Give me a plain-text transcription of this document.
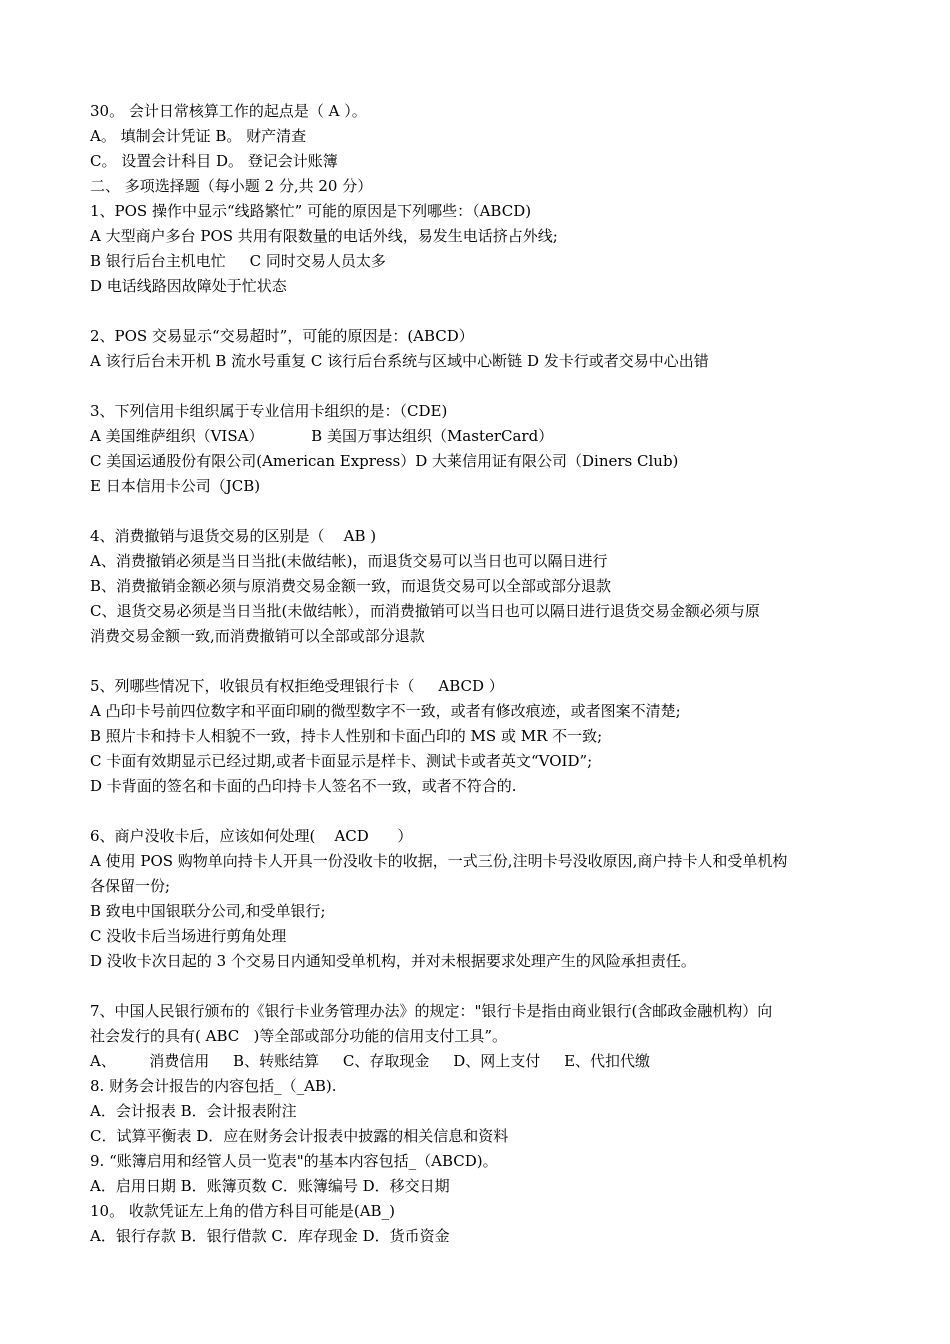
30。 会计日常核算工作的起点是（ A ）。
A。 填制会计凭证 B。 财产清查
C。 设置会计科目 D。 登记会计账簿
二、 多项选择题（每小题 2 分,共 20 分）
1、POS 操作中显示“线路繁忙” 可能的原因是下列哪些：（ABCD)
A 大型商户多台 POS 共用有限数量的电话外线，易发生电话挤占外线;
B 银行后台主机电忙     C 同时交易人员太多
D 电话线路因故障处于忙状态
2、POS 交易显示“交易超时”，可能的原因是：(ABCD）
A 该行后台未开机 B 流水号重复 C 该行后台系统与区域中心断链 D 发卡行或者交易中心出错
3、下列信用卡组织属于专业信用卡组织的是：（CDE)
A 美国维萨组织（VISA）          B 美国万事达组织（MasterCard）
C 美国运通股份有限公司(American Express）D 大莱信用证有限公司（Diners Club)
E 日本信用卡公司（JCB)
4、消费撤销与退货交易的区别是（    AB )
A、消费撤销必须是当日当批(未做结帐)，而退货交易可以当日也可以隔日进行
B、消费撤销金额必须与原消费交易金额一致，而退货交易可以全部或部分退款
C、退货交易必须是当日当批(未做结帐），而消费撤销可以当日也可以隔日进行退货交易金额必须与原
消费交易金额一致,而消费撤销可以全部或部分退款
5、列哪些情况下，收银员有权拒绝受理银行卡（     ABCD ）
A 凸印卡号前四位数字和平面印刷的微型数字不一致，或者有修改痕迹，或者图案不清楚;
B 照片卡和持卡人相貌不一致，持卡人性别和卡面凸印的 MS 或 MR 不一致;
C 卡面有效期显示已经过期,或者卡面显示是样卡、测试卡或者英文“VOID”;
D 卡背面的签名和卡面的凸印持卡人签名不一致，或者不符合的.
6、商户没收卡后，应该如何处理(    ACD      ）
A 使用 POS 购物单向持卡人开具一份没收卡的收据，一式三份,注明卡号没收原因,商户持卡人和受单机构
各保留一份;
B 致电中国银联分公司,和受单银行;
C 没收卡后当场进行剪角处理
D 没收卡次日起的 3 个交易日内通知受单机构，并对未根据要求处理产生的风险承担责任。
7、中国人民银行颁布的《银行卡业务管理办法》的规定："银行卡是指由商业银行(含邮政金融机构）向
社会发行的具有( ABC   )等全部或部分功能的信用支付工具”。
A、       消费信用     B、转账结算     C、存取现金     D、网上支付     E、代扣代缴
8. 财务会计报告的内容包括_（_AB).
A．会计报表 B．会计报表附注
C．试算平衡表 D．应在财务会计报表中披露的相关信息和资料
9. “账簿启用和经管人员一览表"的基本内容包括_（ABCD)。
A．启用日期 B．账簿页数 C．账簿编号 D．移交日期
10。 收款凭证左上角的借方科目可能是(AB_)
A．银行存款 B．银行借款 C．库存现金 D．货币资金
